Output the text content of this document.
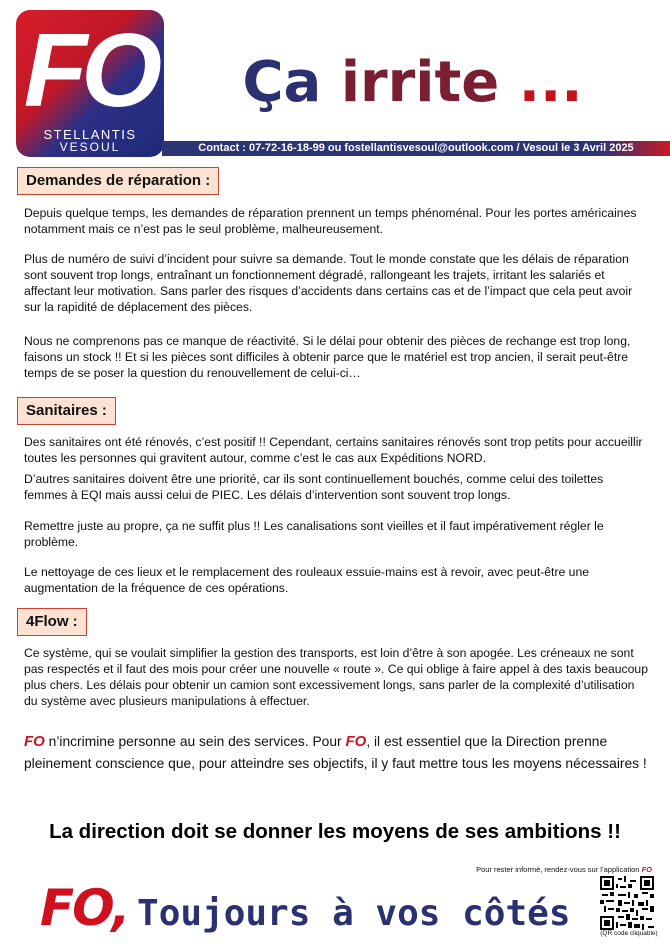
FO
STELLANTIS
VESOUL
Ça irrite ...
Contact : 07-72-16-18-99 ou fostellantisvesoul@outlook.com / Vesoul le 3 Avril 2025
Demandes de réparation :
Depuis quelque temps, les demandes de réparation prennent un temps phénoménal. Pour les portes américaines notamment mais ce n’est pas le seul problème, malheureusement.
Plus de numéro de suivi d’incident pour suivre sa demande. Tout le monde constate que les délais de réparation sont souvent trop longs, entraînant un fonctionnement dégradé, rallongeant les trajets, irritant les salariés et affectant leur motivation. Sans parler des risques d’accidents dans certains cas et de l’impact que cela peut avoir sur la rapidité de déplacement des pièces.
Nous ne comprenons pas ce manque de réactivité. Si le délai pour obtenir des pièces de rechange est trop long, faisons un stock !! Et si les pièces sont difficiles à obtenir parce que le matériel est trop ancien, il serait peut-être temps de se poser la question du renouvellement de celui-ci…
Sanitaires :
Des sanitaires ont été rénovés, c’est positif !! Cependant, certains sanitaires rénovés sont trop petits pour accueillir toutes les personnes qui gravitent autour, comme c’est le cas aux Expéditions NORD.
D’autres sanitaires doivent être une priorité, car ils sont continuellement bouchés, comme celui des toilettes femmes à EQI mais aussi celui de PIEC. Les délais d’intervention sont souvent trop longs.
Remettre juste au propre, ça ne suffit plus !! Les canalisations sont vieilles et il faut impérativement régler le problème.
Le nettoyage de ces lieux et le remplacement des rouleaux essuie-mains est à revoir, avec peut-être une augmentation de la fréquence de ces opérations.
4Flow :
Ce système, qui se voulait simplifier la gestion des transports, est loin d’être à son apogée. Les créneaux ne sont pas respectés et il faut des mois pour créer une nouvelle « route ». Ce qui oblige à faire appel à des taxis beaucoup plus chers. Les délais pour obtenir un camion sont excessivement longs, sans parler de la complexité d’utilisation du système avec plusieurs manipulations à effectuer.
FO n’incrimine personne au sein des services. Pour FO, il est essentiel que la Direction prenne pleinement conscience que, pour atteindre ses objectifs, il y faut mettre tous les moyens nécessaires !
La direction doit se donner les moyens de ses ambitions !!
Pour rester informé, rendez-vous sur l’application FO
FO, Toujours à vos côtés	(QR code cliquable)
